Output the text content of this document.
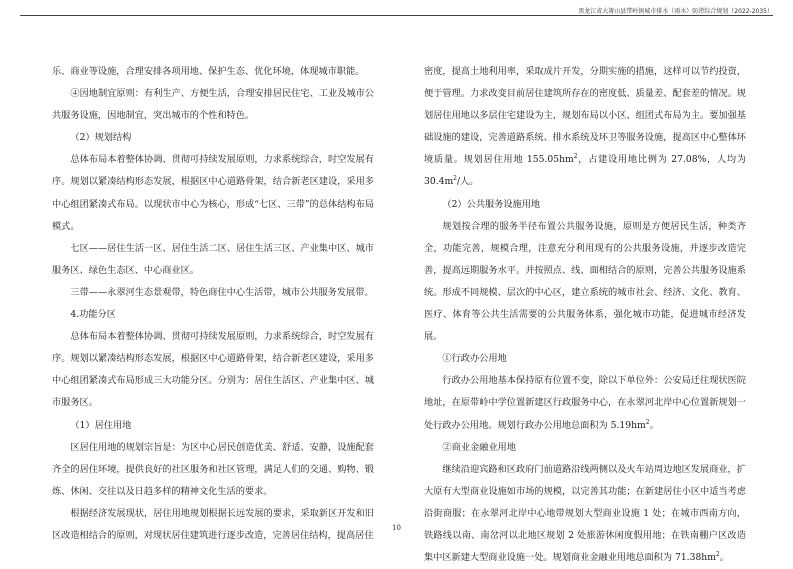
黑龙江省大箐山县带岭镇城市排水（雨水）防涝综合规划（2022-2035）
乐、商业等设施，合理安排各项用地、保护生态、优化环境，体现城市职能。
④因地制宜原则：有利生产、方便生活，合理安排居民住宅、工业及城市公共服务设施，因地制宜，突出城市的个性和特色。
（2）规划结构
总体布局本着整体协调、贯彻可持续发展原则，力求系统综合，时空发展有序。规划以紧凑结构形态发展，根据区中心道路骨架，结合新老区建设，采用多中心组团紧凑式布局。以现状市中心为核心，形成“七区、三带”的总体结构布局模式。
七区——居住生活一区、居住生活二区、居住生活三区、产业集中区、城市服务区、绿色生态区、中心商业区。
三带——永翠河生态景观带，特色商住中心生活带，城市公共服务发展带。
4.功能分区
总体布局本着整体协调、贯彻可持续发展原则，力求系统综合，时空发展有序。规划以紧凑结构形态发展，根据区中心道路骨架，结合新老区建设，采用多中心组团紧凑式布局形成三大功能分区。分别为：居住生活区、产业集中区、城市服务区。
（1）居住用地
区居住用地的规划宗旨是：为区中心居民创造优美、舒适、安静，设施配套齐全的居住环境，提供良好的社区服务和社区管理，满足人们的交通、购物、锻炼、休闲、交往以及日趋多样的精神文化生活的要求。
根据经济发展现状，居住用地规划根据长远发展的要求，采取新区开发和旧区改造相结合的原则，对现状居住建筑进行逐步改造，完善居住结构，提高居住
密度，提高土地利用率，采取成片开发，分期实施的措施，这样可以节约投资，便于管理。力求改变目前居住建筑所存在的密度低、质量差、配套差的情况。规划居住用地以多层住宅建设为主，规划布局以小区、组团式布局为主。要加强基础设施的建设，完善道路系统、排水系统及环卫等服务设施，提高区中心整体环境质量。规划居住用地 $155.05hm^2$，占建设用地比例为 27.08%，人均为 $30.4m^2/$人。
（2）公共服务设施用地
规划按合理的服务半径布置公共服务设施，原则是方便居民生活，种类齐全，功能完善，规模合理，注意充分利用现有的公共服务设施，并逐步改造完善，提高远期服务水平。并按照点、线、面相结合的原则，完善公共服务设施系统。形成不同规模、层次的中心区，建立系统的城市社会、经济、文化、教育、医疗、体育等公共生活需要的公共服务体系，强化城市功能，促进城市经济发展。
①行政办公用地
行政办公用地基本保持原有位置不变，除以下单位外：公安局迁往现状医院地址，在原带岭中学位置新建区行政服务中心，在永翠河北岸中心位置新规划一处行政办公用地。规划行政办公用地总面积为 $5.19hm^2$。
②商业金融业用地
继续沿迎宾路和区政府门前道路沿线两侧以及火车站周边地区发展商业，扩大原有大型商业设施如市场的规模，以完善其功能；在新建居住小区中适当考虑沿街商服；在永翠河北岸中心地带规划大型商业设施 1 处；在城市西南方向，铁路线以南、南岔河以北地区规划 2 处旅游休闲度假用地；在铁南棚户区改造集中区新建大型商业设施一处。规划商业金融业用地总面积为 $71.38hm^2$。
10
